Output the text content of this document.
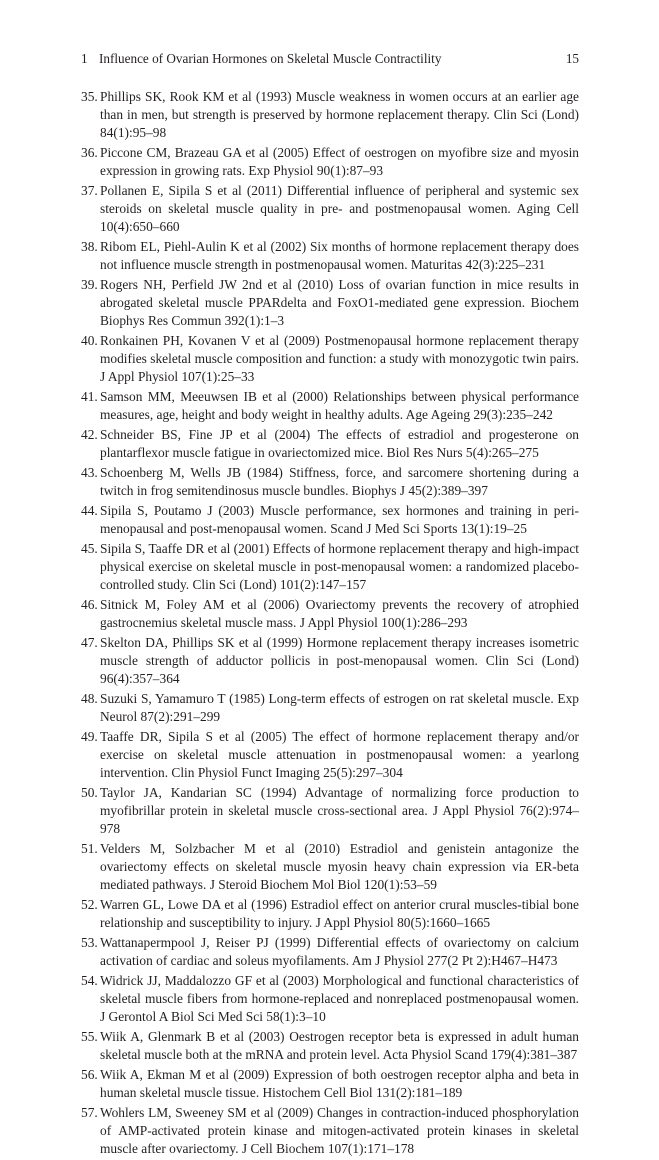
1 Influence of Ovarian Hormones on Skeletal Muscle Contractility	15
35. Phillips SK, Rook KM et al (1993) Muscle weakness in women occurs at an earlier age than in men, but strength is preserved by hormone replacement therapy. Clin Sci (Lond) 84(1):95–98
36. Piccone CM, Brazeau GA et al (2005) Effect of oestrogen on myofibre size and myosin expression in growing rats. Exp Physiol 90(1):87–93
37. Pollanen E, Sipila S et al (2011) Differential influence of peripheral and systemic sex steroids on skeletal muscle quality in pre- and postmenopausal women. Aging Cell 10(4):650–660
38. Ribom EL, Piehl-Aulin K et al (2002) Six months of hormone replacement therapy does not influence muscle strength in postmenopausal women. Maturitas 42(3):225–231
39. Rogers NH, Perfield JW 2nd et al (2010) Loss of ovarian function in mice results in abrogated skeletal muscle PPARdelta and FoxO1-mediated gene expression. Biochem Biophys Res Commun 392(1):1–3
40. Ronkainen PH, Kovanen V et al (2009) Postmenopausal hormone replacement therapy modifies skeletal muscle composition and function: a study with monozygotic twin pairs. J Appl Physiol 107(1):25–33
41. Samson MM, Meeuwsen IB et al (2000) Relationships between physical performance measures, age, height and body weight in healthy adults. Age Ageing 29(3):235–242
42. Schneider BS, Fine JP et al (2004) The effects of estradiol and progesterone on plantarflexor muscle fatigue in ovariectomized mice. Biol Res Nurs 5(4):265–275
43. Schoenberg M, Wells JB (1984) Stiffness, force, and sarcomere shortening during a twitch in frog semitendinosus muscle bundles. Biophys J 45(2):389–397
44. Sipila S, Poutamo J (2003) Muscle performance, sex hormones and training in peri-menopausal and post-menopausal women. Scand J Med Sci Sports 13(1):19–25
45. Sipila S, Taaffe DR et al (2001) Effects of hormone replacement therapy and high-impact physical exercise on skeletal muscle in post-menopausal women: a randomized placebo-controlled study. Clin Sci (Lond) 101(2):147–157
46. Sitnick M, Foley AM et al (2006) Ovariectomy prevents the recovery of atrophied gastrocnemius skeletal muscle mass. J Appl Physiol 100(1):286–293
47. Skelton DA, Phillips SK et al (1999) Hormone replacement therapy increases isometric muscle strength of adductor pollicis in post-menopausal women. Clin Sci (Lond) 96(4):357–364
48. Suzuki S, Yamamuro T (1985) Long-term effects of estrogen on rat skeletal muscle. Exp Neurol 87(2):291–299
49. Taaffe DR, Sipila S et al (2005) The effect of hormone replacement therapy and/or exercise on skeletal muscle attenuation in postmenopausal women: a yearlong intervention. Clin Physiol Funct Imaging 25(5):297–304
50. Taylor JA, Kandarian SC (1994) Advantage of normalizing force production to myofibrillar protein in skeletal muscle cross-sectional area. J Appl Physiol 76(2):974–978
51. Velders M, Solzbacher M et al (2010) Estradiol and genistein antagonize the ovariectomy effects on skeletal muscle myosin heavy chain expression via ER-beta mediated pathways. J Steroid Biochem Mol Biol 120(1):53–59
52. Warren GL, Lowe DA et al (1996) Estradiol effect on anterior crural muscles-tibial bone relationship and susceptibility to injury. J Appl Physiol 80(5):1660–1665
53. Wattanapermpool J, Reiser PJ (1999) Differential effects of ovariectomy on calcium activation of cardiac and soleus myofilaments. Am J Physiol 277(2 Pt 2):H467–H473
54. Widrick JJ, Maddalozzo GF et al (2003) Morphological and functional characteristics of skeletal muscle fibers from hormone-replaced and nonreplaced postmenopausal women. J Gerontol A Biol Sci Med Sci 58(1):3–10
55. Wiik A, Glenmark B et al (2003) Oestrogen receptor beta is expressed in adult human skeletal muscle both at the mRNA and protein level. Acta Physiol Scand 179(4):381–387
56. Wiik A, Ekman M et al (2009) Expression of both oestrogen receptor alpha and beta in human skeletal muscle tissue. Histochem Cell Biol 131(2):181–189
57. Wohlers LM, Sweeney SM et al (2009) Changes in contraction-induced phosphorylation of AMP-activated protein kinase and mitogen-activated protein kinases in skeletal muscle after ovariectomy. J Cell Biochem 107(1):171–178
